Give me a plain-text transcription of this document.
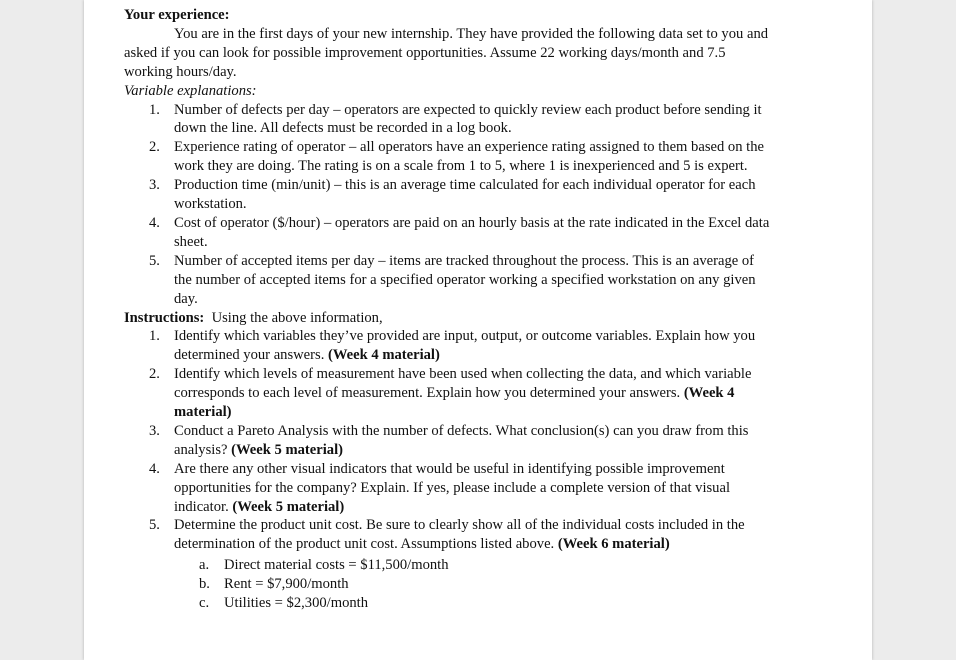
Your experience:

You are in the first days of your new internship. They have provided the following data set to you and asked if you can look for possible improvement opportunities. Assume 22 working days/month and 7.5 working hours/day.

Variable explanations:

1. Number of defects per day – operators are expected to quickly review each product before sending it down the line. All defects must be recorded in a log book.
2. Experience rating of operator – all operators have an experience rating assigned to them based on the work they are doing. The rating is on a scale from 1 to 5, where 1 is inexperienced and 5 is expert.
3. Production time (min/unit) – this is an average time calculated for each individual operator for each workstation.
4. Cost of operator ($/hour) – operators are paid on an hourly basis at the rate indicated in the Excel data sheet.
5. Number of accepted items per day – items are tracked throughout the process. This is an average of the number of accepted items for a specified operator working a specified workstation on any given day.

Instructions:  Using the above information,

1. Identify which variables they’ve provided are input, output, or outcome variables. Explain how you determined your answers. (Week 4 material)
2. Identify which levels of measurement have been used when collecting the data, and which variable corresponds to each level of measurement. Explain how you determined your answers. (Week 4 material)
3. Conduct a Pareto Analysis with the number of defects. What conclusion(s) can you draw from this analysis? (Week 5 material)
4. Are there any other visual indicators that would be useful in identifying possible improvement opportunities for the company? Explain. If yes, please include a complete version of that visual indicator. (Week 5 material)
5. Determine the product unit cost. Be sure to clearly show all of the individual costs included in the determination of the product unit cost. Assumptions listed above. (Week 6 material)
a. Direct material costs = $11,500/month
b. Rent = $7,900/month
c. Utilities = $2,300/month
